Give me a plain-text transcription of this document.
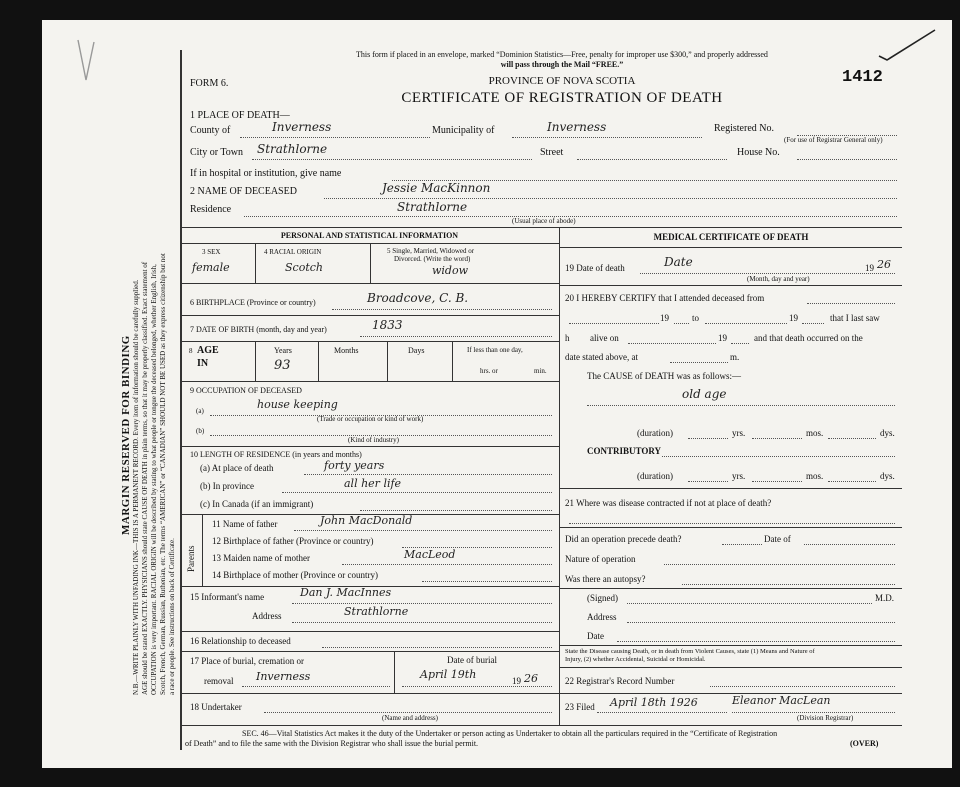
MARGIN RESERVED FOR BINDING N.B.—WRITE PLAINLY WITH UNFADING INK—THIS IS A PERMANENT RECORD. Every item of information should be carefully supplied. AGE should be stated EXACTLY. PHYSICIANS should state CAUSE OF DEATH in plain terms, so that it may be properly classified. Exact statement of OCCUPATION is very important. RACIAL ORIGIN will be described by stating to what people or tongue the deceased belonged, whether English, Irish, Scotch, French, German, Russian, Ruthenian, etc. The terms “AMERICAN” or “CANADIAN” SHOULD NOT BE USED as they express citizenship but not a race or people. See instructions on back of Certificate.
This form if placed in an envelope, marked “Dominion Statistics—Free, penalty for improper use $300,” and properly addressed
will pass through the Mail “FREE.”
FORM 6.	PROVINCE OF NOVA SCOTIA
CERTIFICATE OF REGISTRATION OF DEATH
1412
1 PLACE OF DEATH—
County of	Inverness	Municipality of	Inverness	Registered No.
(For use of Registrar General only)
City or Town Strathlorne	Street	House No.
If in hospital or institution, give name
2 NAME OF DECEASED	Jessie MacKinnon
Residence	Strathlorne
(Usual place of abode)
PERSONAL AND STATISTICAL INFORMATION
3 SEX
female
4 RACIAL ORIGIN
Scotch
5 Single, Married, Widowed or
Divorced. (Write the word)
widow
6 BIRTHPLACE (Province or country)	Broadcove, C. B.
7 DATE OF BIRTH (month, day and year)	1833
8 AGE
IN
Years
93
Months	Days	If less than one day,
hrs. or	min.
9 OCCUPATION OF DECEASED
(a)	house keeping
(Trade or occupation or kind of work)
(b)
(Kind of industry)
10 LENGTH OF RESIDENCE (in years and months)
(a) At place of death	forty years
(b) In province	all her life
(c) In Canada (if an immigrant)
Parents
11 Name of father	John MacDonald
12 Birthplace of father (Province or country)
13 Maiden name of mother	MacLeod
14 Birthplace of mother (Province or country)
15 Informant's name	Dan J. MacInnes
Address	Strathlorne
16 Relationship to deceased
17 Place of burial, cremation or
removal Inverness
Date of burial
April 19th	19 26
18 Undertaker
(Name and address)
MEDICAL CERTIFICATE OF DEATH
19 Date of death	Date
(Month, day and year)
19 26
20 I HEREBY CERTIFY that I attended deceased from
19	to	19	that I last saw
h alive on	19	and that death occurred on the
date stated above, at	m.
The CAUSE of DEATH was as follows:—
old age
(duration)	yrs.	mos.	dys.
CONTRIBUTORY
(duration)	yrs.	mos.	dys.
21 Where was disease contracted if not at place of death?
Did an operation precede death?	Date of
Nature of operation
Was there an autopsy?
(Signed)	M.D.
Address
Date
State the Disease causing Death, or in death from Violent Causes, state (1) Means and Nature of
Injury, (2) whether Accidental, Suicidal or Homicidal.
22 Registrar's Record Number
23 Filed April 18th 1926	Eleanor MacLean
(Division Registrar)
SEC. 46—Vital Statistics Act makes it the duty of the Undertaker or person acting as Undertaker to obtain all the particulars required in the “Certificate of Registration
of Death” and to file the same with the Division Registrar who shall issue the burial permit.	(OVER)
